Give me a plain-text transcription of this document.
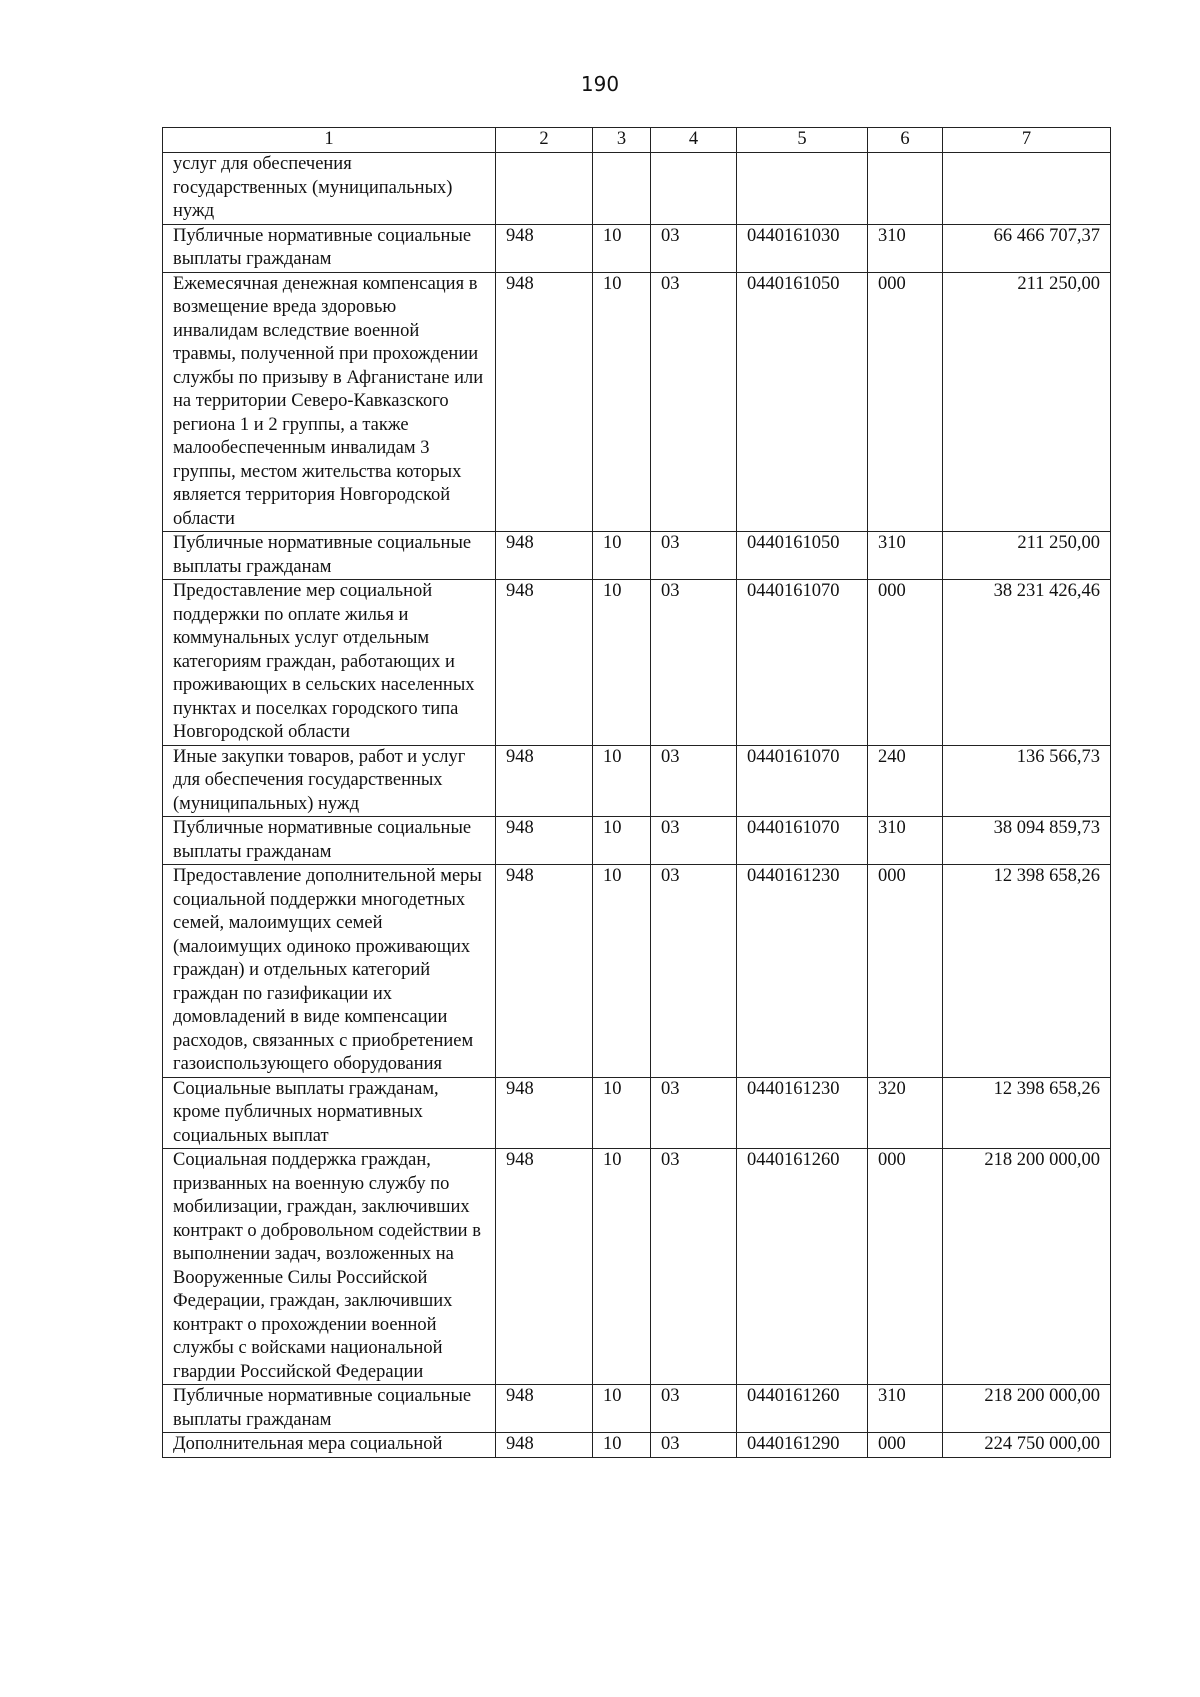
190
1	2	3	4	5	6	7
услуг для обеспечения государственных (муниципальных) нужд						
Публичные нормативные социальные выплаты гражданам	948	10	03	0440161030	310	66 466 707,37
Ежемесячная денежная компенсация в возмещение вреда здоровью инвалидам вследствие военной травмы, полученной при прохождении службы по призыву в Афганистане или на территории Северо-Кавказского региона 1 и 2 группы, а также малообеспеченным инвалидам 3 группы, местом жительства которых является территория Новгородской области	948	10	03	0440161050	000	211 250,00
Публичные нормативные социальные выплаты гражданам	948	10	03	0440161050	310	211 250,00
Предоставление мер социальной поддержки по оплате жилья и коммунальных услуг отдельным категориям граждан, работающих и проживающих в сельских населенных пунктах и поселках городского типа Новгородской области	948	10	03	0440161070	000	38 231 426,46
Иные закупки товаров, работ и услуг для обеспечения государственных (муниципальных) нужд	948	10	03	0440161070	240	136 566,73
Публичные нормативные социальные выплаты гражданам	948	10	03	0440161070	310	38 094 859,73
Предоставление дополнительной меры социальной поддержки многодетных семей, малоимущих семей (малоимущих одиноко проживающих граждан) и отдельных категорий граждан по газификации их домовладений в виде компенсации расходов, связанных с приобретением газоиспользующего оборудования	948	10	03	0440161230	000	12 398 658,26
Социальные выплаты гражданам, кроме публичных нормативных социальных выплат	948	10	03	0440161230	320	12 398 658,26
Социальная поддержка граждан, призванных на военную службу по мобилизации, граждан, заключивших контракт о добровольном содействии в выполнении задач, возложенных на Вооруженные Силы Российской Федерации, граждан, заключивших контракт о прохождении военной службы с войсками национальной гвардии Российской Федерации	948	10	03	0440161260	000	218 200 000,00
Публичные нормативные социальные выплаты гражданам	948	10	03	0440161260	310	218 200 000,00
Дополнительная мера социальной	948	10	03	0440161290	000	224 750 000,00
